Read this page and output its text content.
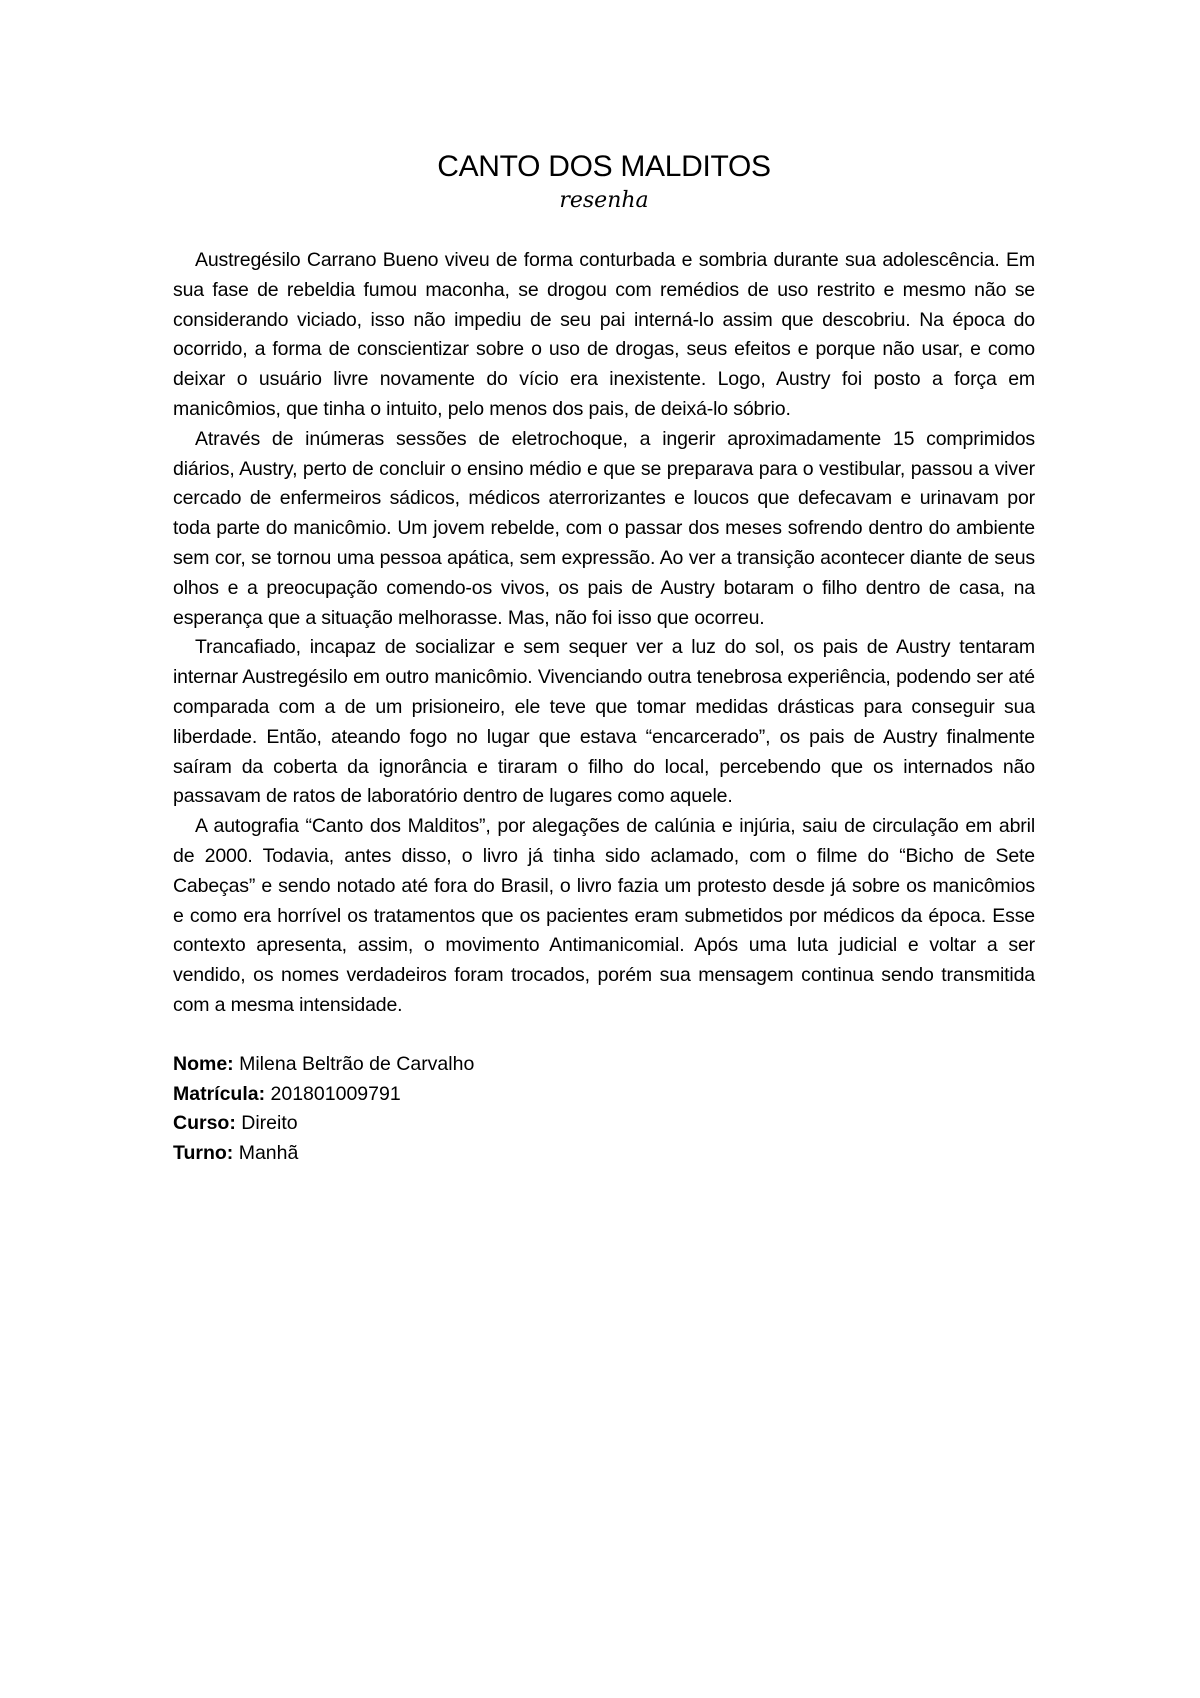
CANTO DOS MALDITOS
resenha

Austregésilo Carrano Bueno viveu de forma conturbada e sombria durante sua adolescência. Em sua fase de rebeldia fumou maconha, se drogou com remédios de uso restrito e mesmo não se considerando viciado, isso não impediu de seu pai interná-lo assim que descobriu. Na época do ocorrido, a forma de conscientizar sobre o uso de drogas, seus efeitos e porque não usar, e como deixar o usuário livre novamente do vício era inexistente. Logo, Austry foi posto a força em manicômios, que tinha o intuito, pelo menos dos pais, de deixá-lo sóbrio.

Através de inúmeras sessões de eletrochoque, a ingerir aproximadamente 15 comprimidos diários, Austry, perto de concluir o ensino médio e que se preparava para o vestibular, passou a viver cercado de enfermeiros sádicos, médicos aterrorizantes e loucos que defecavam e urinavam por toda parte do manicômio. Um jovem rebelde, com o passar dos meses sofrendo dentro do ambiente sem cor, se tornou uma pessoa apática, sem expressão. Ao ver a transição acontecer diante de seus olhos e a preocupação comendo-os vivos, os pais de Austry botaram o filho dentro de casa, na esperança que a situação melhorasse. Mas, não foi isso que ocorreu.

Trancafiado, incapaz de socializar e sem sequer ver a luz do sol, os pais de Austry tentaram internar Austregésilo em outro manicômio. Vivenciando outra tenebrosa experiência, podendo ser até comparada com a de um prisioneiro, ele teve que tomar medidas drásticas para conseguir sua liberdade. Então, ateando fogo no lugar que estava “encarcerado”, os pais de Austry finalmente saíram da coberta da ignorância e tiraram o filho do local, percebendo que os internados não passavam de ratos de laboratório dentro de lugares como aquele.

A autografia “Canto dos Malditos”, por alegações de calúnia e injúria, saiu de circulação em abril de 2000. Todavia, antes disso, o livro já tinha sido aclamado, com o filme do “Bicho de Sete Cabeças” e sendo notado até fora do Brasil, o livro fazia um protesto desde já sobre os manicômios e como era horrível os tratamentos que os pacientes eram submetidos por médicos da época. Esse contexto apresenta, assim, o movimento Antimanicomial. Após uma luta judicial e voltar a ser vendido, os nomes verdadeiros foram trocados, porém sua mensagem continua sendo transmitida com a mesma intensidade.

Nome: Milena Beltrão de Carvalho
Matrícula: 201801009791
Curso: Direito
Turno: Manhã
